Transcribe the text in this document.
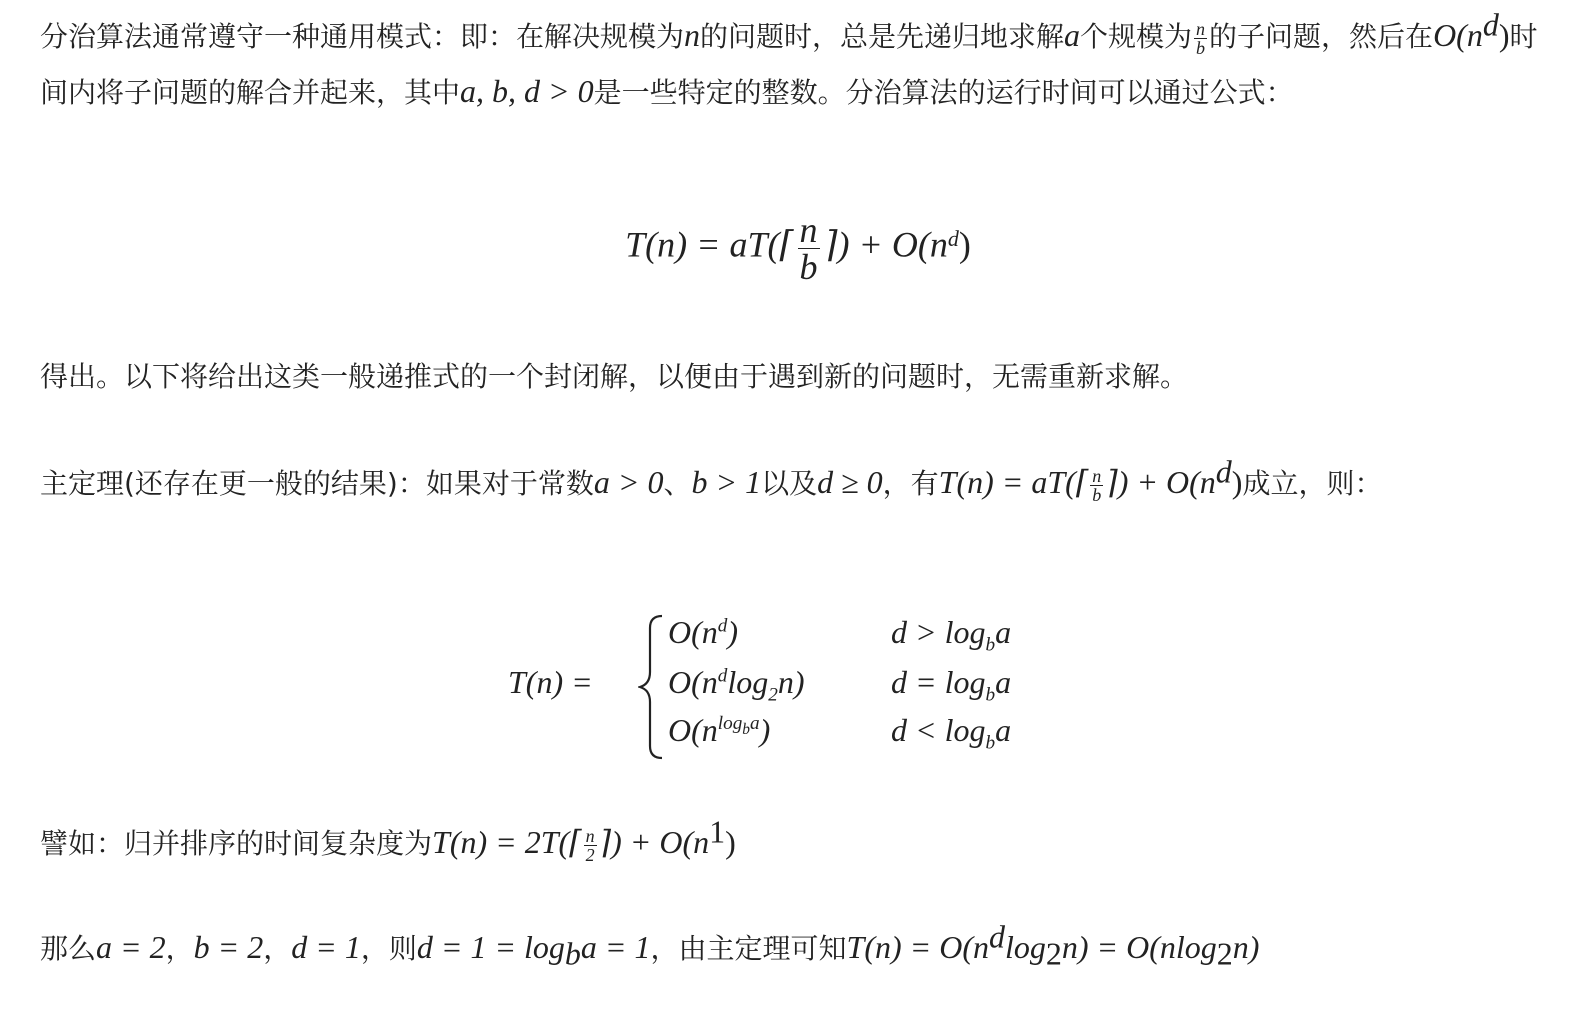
分治算法通常遵守一种通用模式：即：在解决规模为n的问题时，总是先递归地求解a个规模为 $\frac{n}{b}$ 的子问题，然后在$O(n^d)$时间内将子问题的解合并起来，其中a, b, d > 0是一些特定的整数。分治算法的运行时间可以通过公式：

T(n) = aT(⌈ $\frac{n}{b}$ ⌉) + $O(n^d)$

得出。以下将给出这类一般递推式的一个封闭解，以便由于遇到新的问题时，无需重新求解。

主定理(还存在更一般的结果)：如果对于常数a > 0、b > 1以及d ≥ 0，有T(n) = aT(⌈ $\frac{n}{b}$ ⌉) + $O(n^d)$成立，则：

T(n) =
$O(n^d)$	$d > \log_ba$
$O(n^d\log_2n)$	$d = \log_ba$
$O(n^{log_ba})$	$d < \log_ba$

譬如：归并排序的时间复杂度为T(n) = 2T(⌈ $\frac{n}{2}$ ⌉) + $O(n^1)$

那么a = 2，b = 2，d = 1，则$d = 1 = \log_ba = 1$，由主定理可知$T(n) = O(n^d\log_2n) = O(nlog_2n)$
